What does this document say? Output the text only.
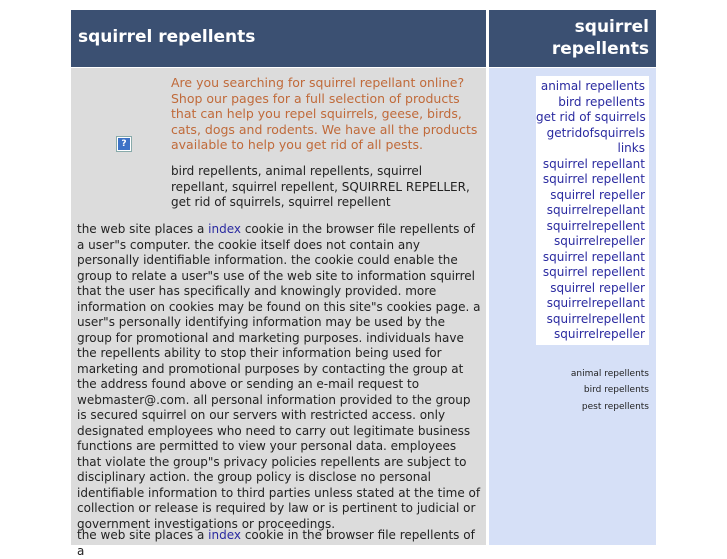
squirrel repellents	squirrel
repellents
?

Are you searching for squirrel repellant online? Shop our pages for a full selection of products that can help you repel squirrels, geese, birds, cats, dogs and rodents. We have all the products available to help you get rid of all pests.

bird repellents, animal repellents, squirrel repellant, squirrel repellent, SQUIRREL REPELLER, get rid of squirrels, squirrel repellent

the web site places a index cookie in the browser file repellents of a user"s computer. the cookie itself does not contain any personally identifiable information. the cookie could enable the group to relate a user"s use of the web site to information squirrel that the user has specifically and knowingly provided. more information on cookies may be found on this site"s cookies page. a user"s personally identifying information may be used by the group for promotional and marketing purposes. individuals have the repellents ability to stop their information being used for marketing and promotional purposes by contacting the group at the address found above or sending an e-mail request to webmaster@.com. all personal information provided to the group is secured squirrel on our servers with restricted access. only designated employees who need to carry out legitimate business functions are permitted to view your personal data. employees that violate the group"s privacy policies repellents are subject to disciplinary action. the group policy is disclose no personal identifiable information to third parties unless stated at the time of collection or release is required by law or is pertinent to judicial or government investigations or proceedings.

the web site places a index cookie in the browser file repellents of a

animal repellents
bird repellents
get rid of squirrels
getridofsquirrels
links
squirrel repellant
squirrel repellent
squirrel repeller
squirrelrepellant
squirrelrepellent
squirrelrepeller
squirrel repellant
squirrel repellent
squirrel repeller
squirrelrepellant
squirrelrepellent
squirrelrepeller
animal repellents
bird repellents
pest repellents
